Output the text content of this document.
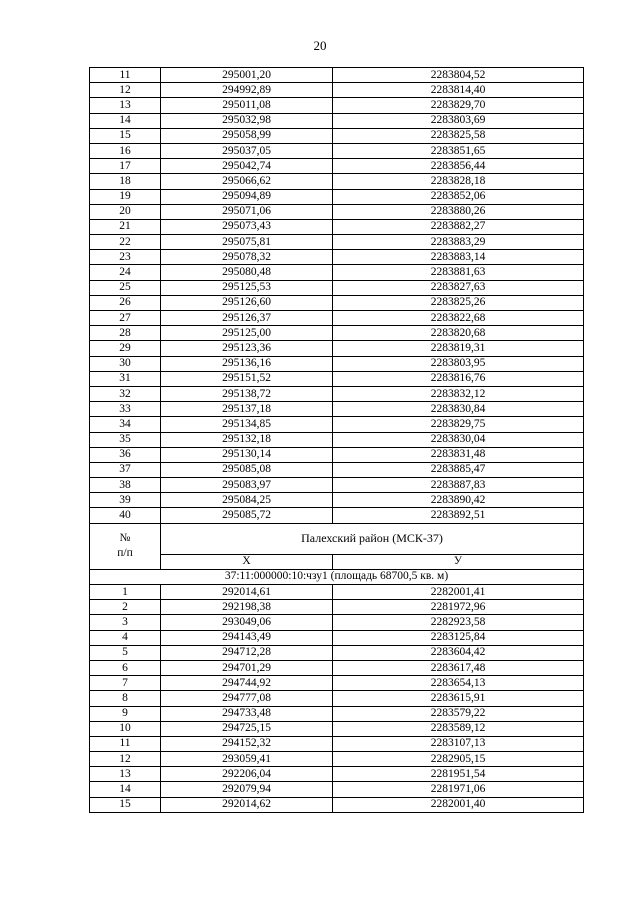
20
11	295001,20	2283804,52
12	294992,89	2283814,40
13	295011,08	2283829,70
14	295032,98	2283803,69
15	295058,99	2283825,58
16	295037,05	2283851,65
17	295042,74	2283856,44
18	295066,62	2283828,18
19	295094,89	2283852,06
20	295071,06	2283880,26
21	295073,43	2283882,27
22	295075,81	2283883,29
23	295078,32	2283883,14
24	295080,48	2283881,63
25	295125,53	2283827,63
26	295126,60	2283825,26
27	295126,37	2283822,68
28	295125,00	2283820,68
29	295123,36	2283819,31
30	295136,16	2283803,95
31	295151,52	2283816,76
32	295138,72	2283832,12
33	295137,18	2283830,84
34	295134,85	2283829,75
35	295132,18	2283830,04
36	295130,14	2283831,48
37	295085,08	2283885,47
38	295083,97	2283887,83
39	295084,25	2283890,42
40	295085,72	2283892,51

№
п/п	Палехский район (МСК-37)	
	X	У
37:11:000000:10:чзу1 (площадь 68700,5 кв. м)		
1	292014,61	2282001,41
2	292198,38	2281972,96
3	293049,06	2282923,58
4	294143,49	2283125,84
5	294712,28	2283604,42
6	294701,29	2283617,48
7	294744,92	2283654,13
8	294777,08	2283615,91
9	294733,48	2283579,22
10	294725,15	2283589,12
11	294152,32	2283107,13
12	293059,41	2282905,15
13	292206,04	2281951,54
14	292079,94	2281971,06
15	292014,62	2282001,40
